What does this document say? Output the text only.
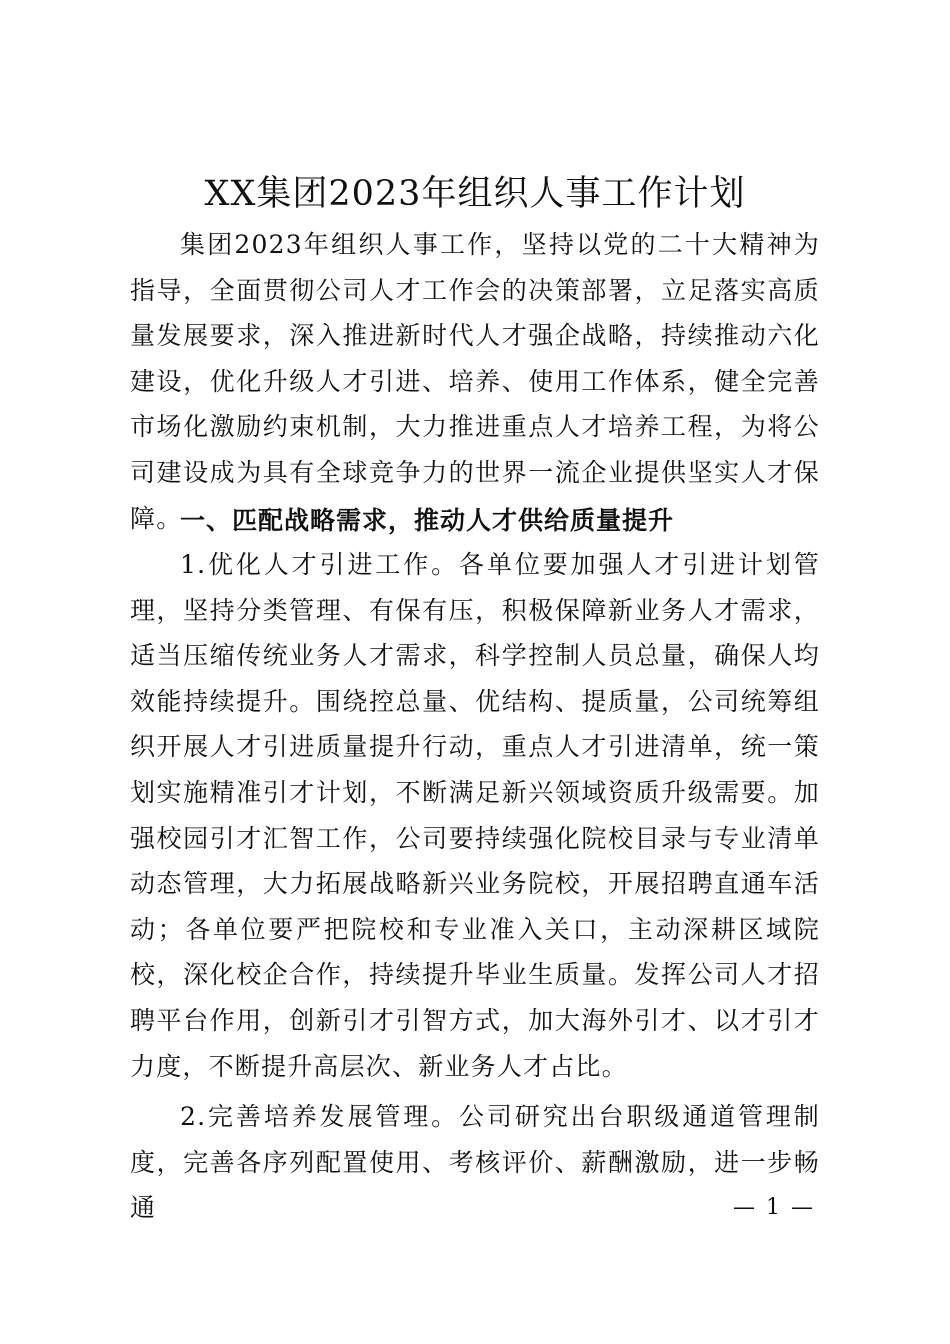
XX集团2023年组织人事工作计划

集团2023年组织人事工作，坚持以党的二十大精神为指导，全面贯彻公司人才工作会的决策部署，立足落实高质量发展要求，深入推进新时代人才强企战略，持续推动六化建设，优化升级人才引进、培养、使用工作体系，健全完善市场化激励约束机制，大力推进重点人才培养工程，为将公司建设成为具有全球竞争力的世界一流企业提供坚实人才保障。

一、匹配战略需求，推动人才供给质量提升

1.优化人才引进工作。各单位要加强人才引进计划管理，坚持分类管理、有保有压，积极保障新业务人才需求，适当压缩传统业务人才需求，科学控制人员总量，确保人均效能持续提升。围绕控总量、优结构、提质量，公司统筹组织开展人才引进质量提升行动，重点人才引进清单，统一策划实施精准引才计划，不断满足新兴领域资质升级需要。加强校园引才汇智工作，公司要持续强化院校目录与专业清单动态管理，大力拓展战略新兴业务院校，开展招聘直通车活动；各单位要严把院校和专业准入关口，主动深耕区域院校，深化校企合作，持续提升毕业生质量。发挥公司人才招聘平台作用，创新引才引智方式，加大海外引才、以才引才力度，不断提升高层次、新业务人才占比。

2.完善培养发展管理。公司研究出台职级通道管理制度，完善各序列配置使用、考核评价、薪酬激励，进一步畅通	— 1 —
